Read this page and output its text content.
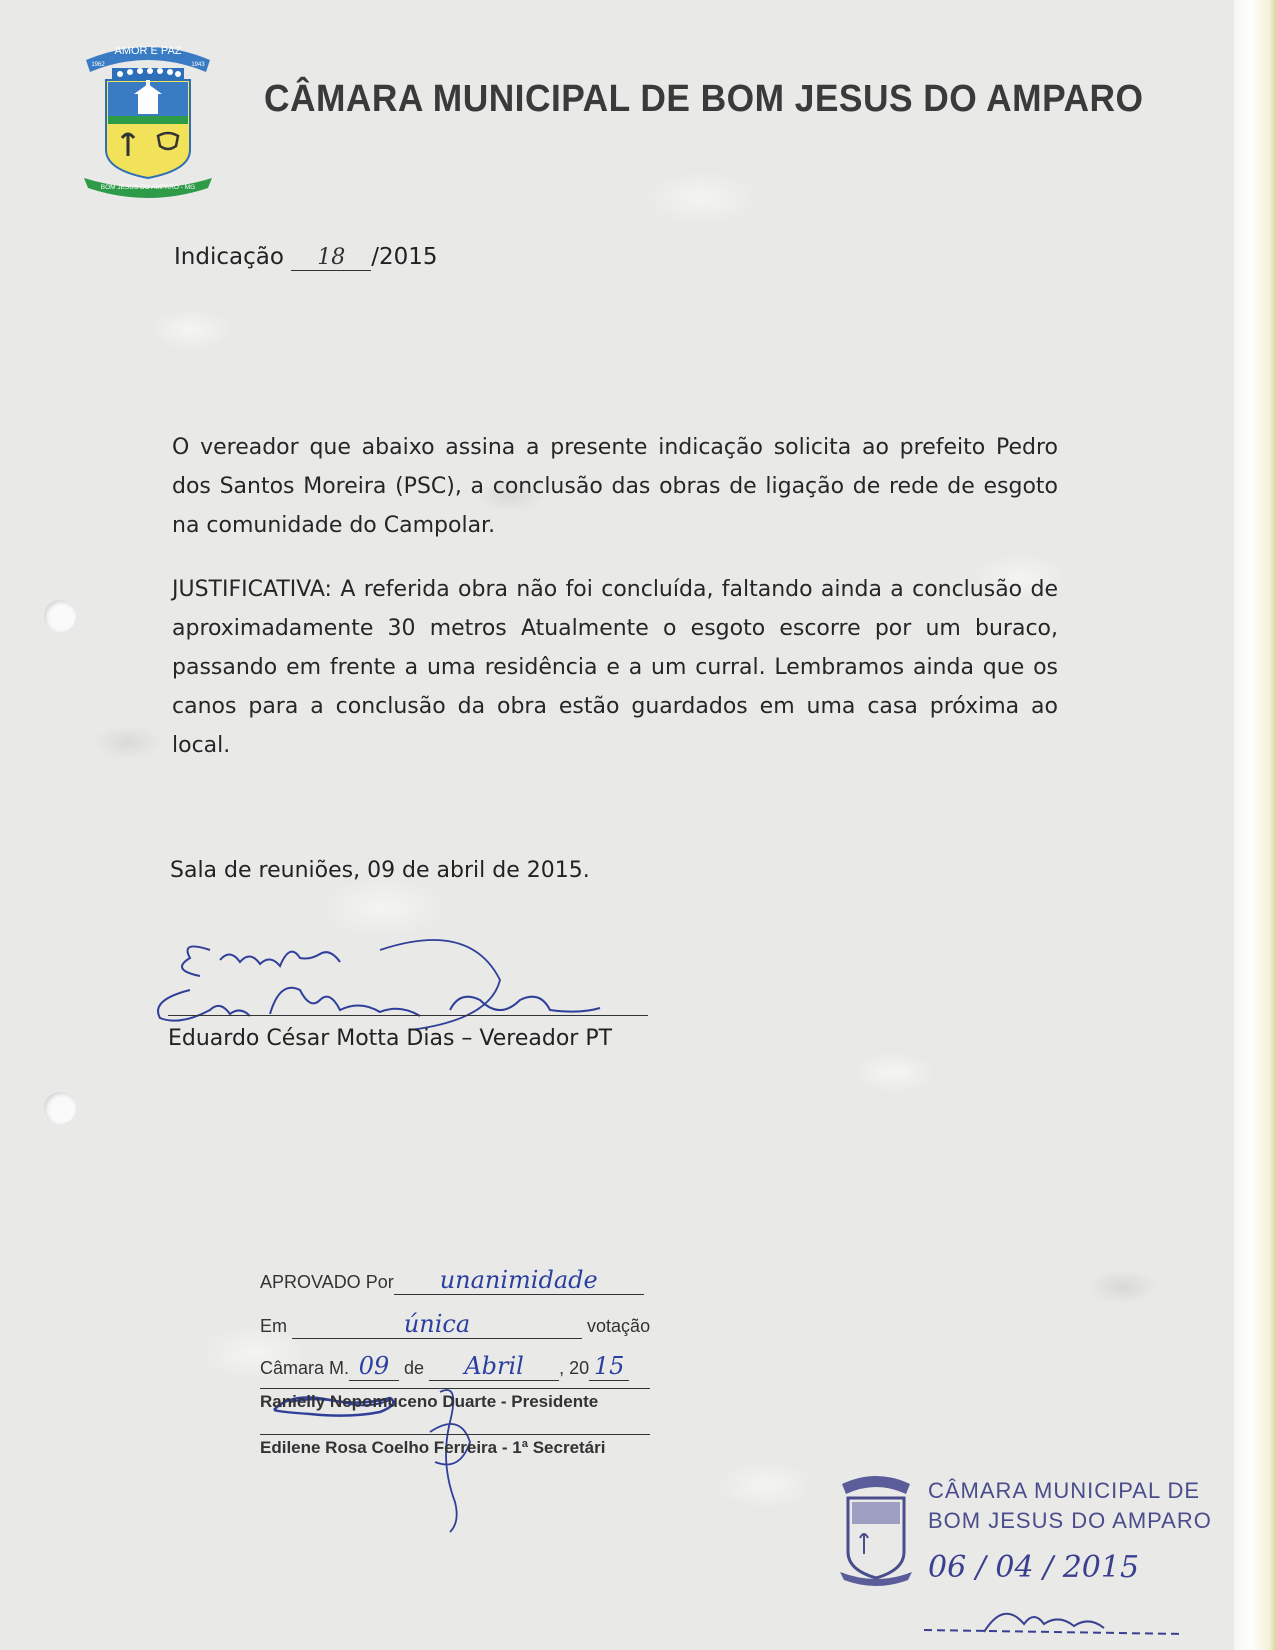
AMOR E PAZ
1962	1943
BOM JESUS DO AMPARO - MG
CÂMARA MUNICIPAL DE BOM JESUS DO AMPARO
Indicação 18 /2015
O vereador que abaixo assina a presente indicação solicita ao prefeito Pedro dos Santos Moreira (PSC), a conclusão das obras de ligação de rede de esgoto na comunidade do Campolar.
JUSTIFICATIVA: A referida obra não foi concluída, faltando ainda a conclusão de aproximadamente 30 metros Atualmente o esgoto escorre por um buraco, passando em frente a uma residência e a um curral. Lembramos ainda que os canos para a conclusão da obra estão guardados em uma casa próxima ao local.
Sala de reuniões, 09 de abril de 2015.
Eduardo César Motta Dias – Vereador PT
APROVADO Por unanimidade
Em	única	votação
Câmara M. 09 de Abril , 20 15
Ranielly Nepomuceno Duarte - Presidente
Edilene Rosa Coelho Ferreira - 1ª Secretári
CÂMARA MUNICIPAL DE
BOM JESUS DO AMPARO
06 / 04 / 2015
